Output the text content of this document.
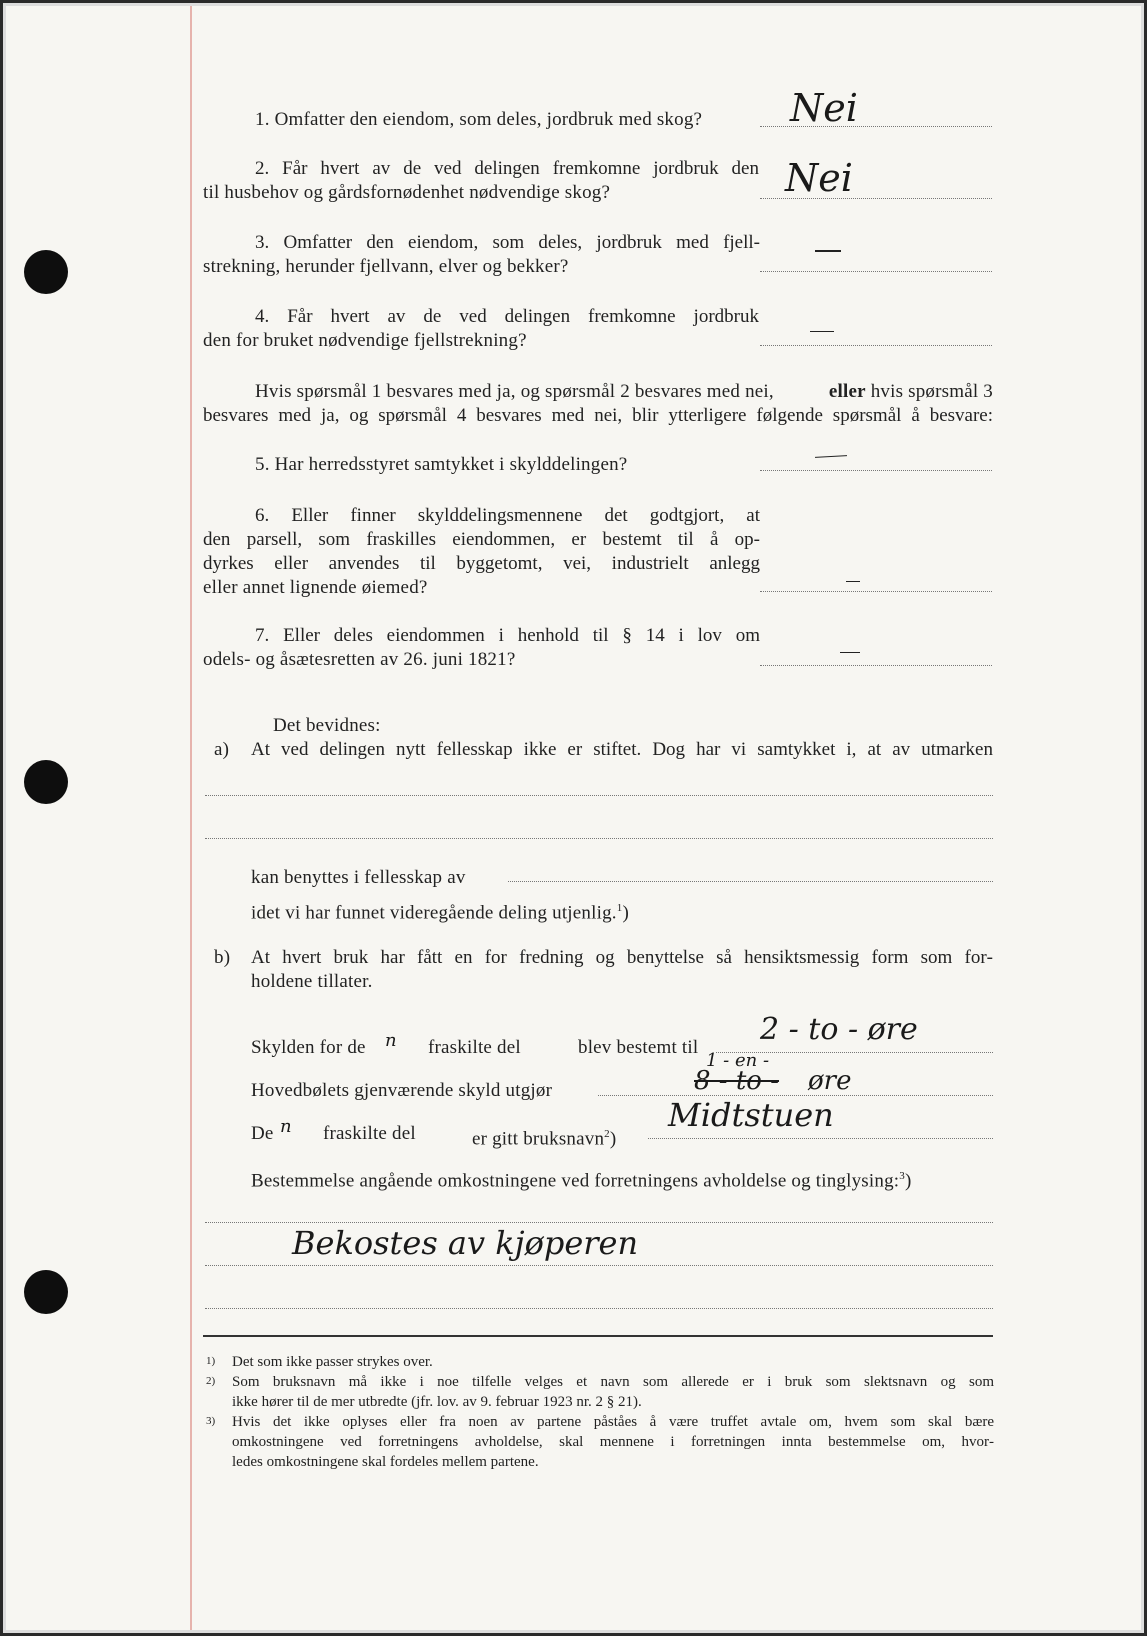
1. Omfatter den eiendom, som deles, jordbruk med skog? Nei
2. Får hvert av de ved delingen fremkomne jordbruk den
til husbehov og gårdsfornødenhet nødvendige skog?	Nei
3. Omfatter den eiendom, som deles, jordbruk med fjell‑
strekning, herunder fjellvann, elver og bekker?
4. Får hvert av de ved delingen fremkomne jordbruk
den for bruket nødvendige fjellstrekning?
Hvis spørsmål 1 besvares med ja, og spørsmål 2 besvares med nei,	eller hvis spørsmål 3
besvares med ja, og spørsmål 4 besvares med nei, blir ytterligere følgende spørsmål å besvare:
5. Har herredsstyret samtykket i skylddelingen?
6. Eller finner skylddelingsmennene det godtgjort, at
den parsell, som fraskilles eiendommen, er bestemt til å op‑
dyrkes eller anvendes til byggetomt, vei, industrielt anlegg
eller annet lignende øiemed?
7. Eller deles eiendommen i henhold til § 14 i lov om
odels‑ og åsætesretten av 26. juni 1821?
Det bevidnes:
a) At ved delingen nytt fellesskap ikke er stiftet. Dog har vi samtykket i, at av utmarken
kan benyttes i fellesskap av
idet vi har funnet videregående deling utjenlig.$^1$)
b) At hvert bruk har fått en for fredning og benyttelse så hensiktsmessig form som for‑
holdene tillater.
Skylden for de n fraskilte del	blev bestemt til
2 - to - øre
Hovedbølets gjenværende skyld utgjør
1 - en -
8 - to - øre
De n fraskilte del	er gitt bruksnavn$^2$)
Midtstuen
Bestemmelse angående omkostningene ved forretningens avholdelse og tinglysing:$^3$)
Bekostes av kjøperen
1) Det som ikke passer strykes over.
2) Som bruksnavn må ikke i noe tilfelle velges et navn som allerede er i bruk som slektsnavn og som
ikke hører til de mer utbredte (jfr. lov. av 9. februar 1923 nr. 2 § 21).
3) Hvis det ikke oplyses eller fra noen av partene påståes å være truffet avtale om, hvem som skal bære
omkostningene ved forretningens avholdelse, skal mennene i forretningen innta bestemmelse om, hvor‑
ledes omkostningene skal fordeles mellem partene.
